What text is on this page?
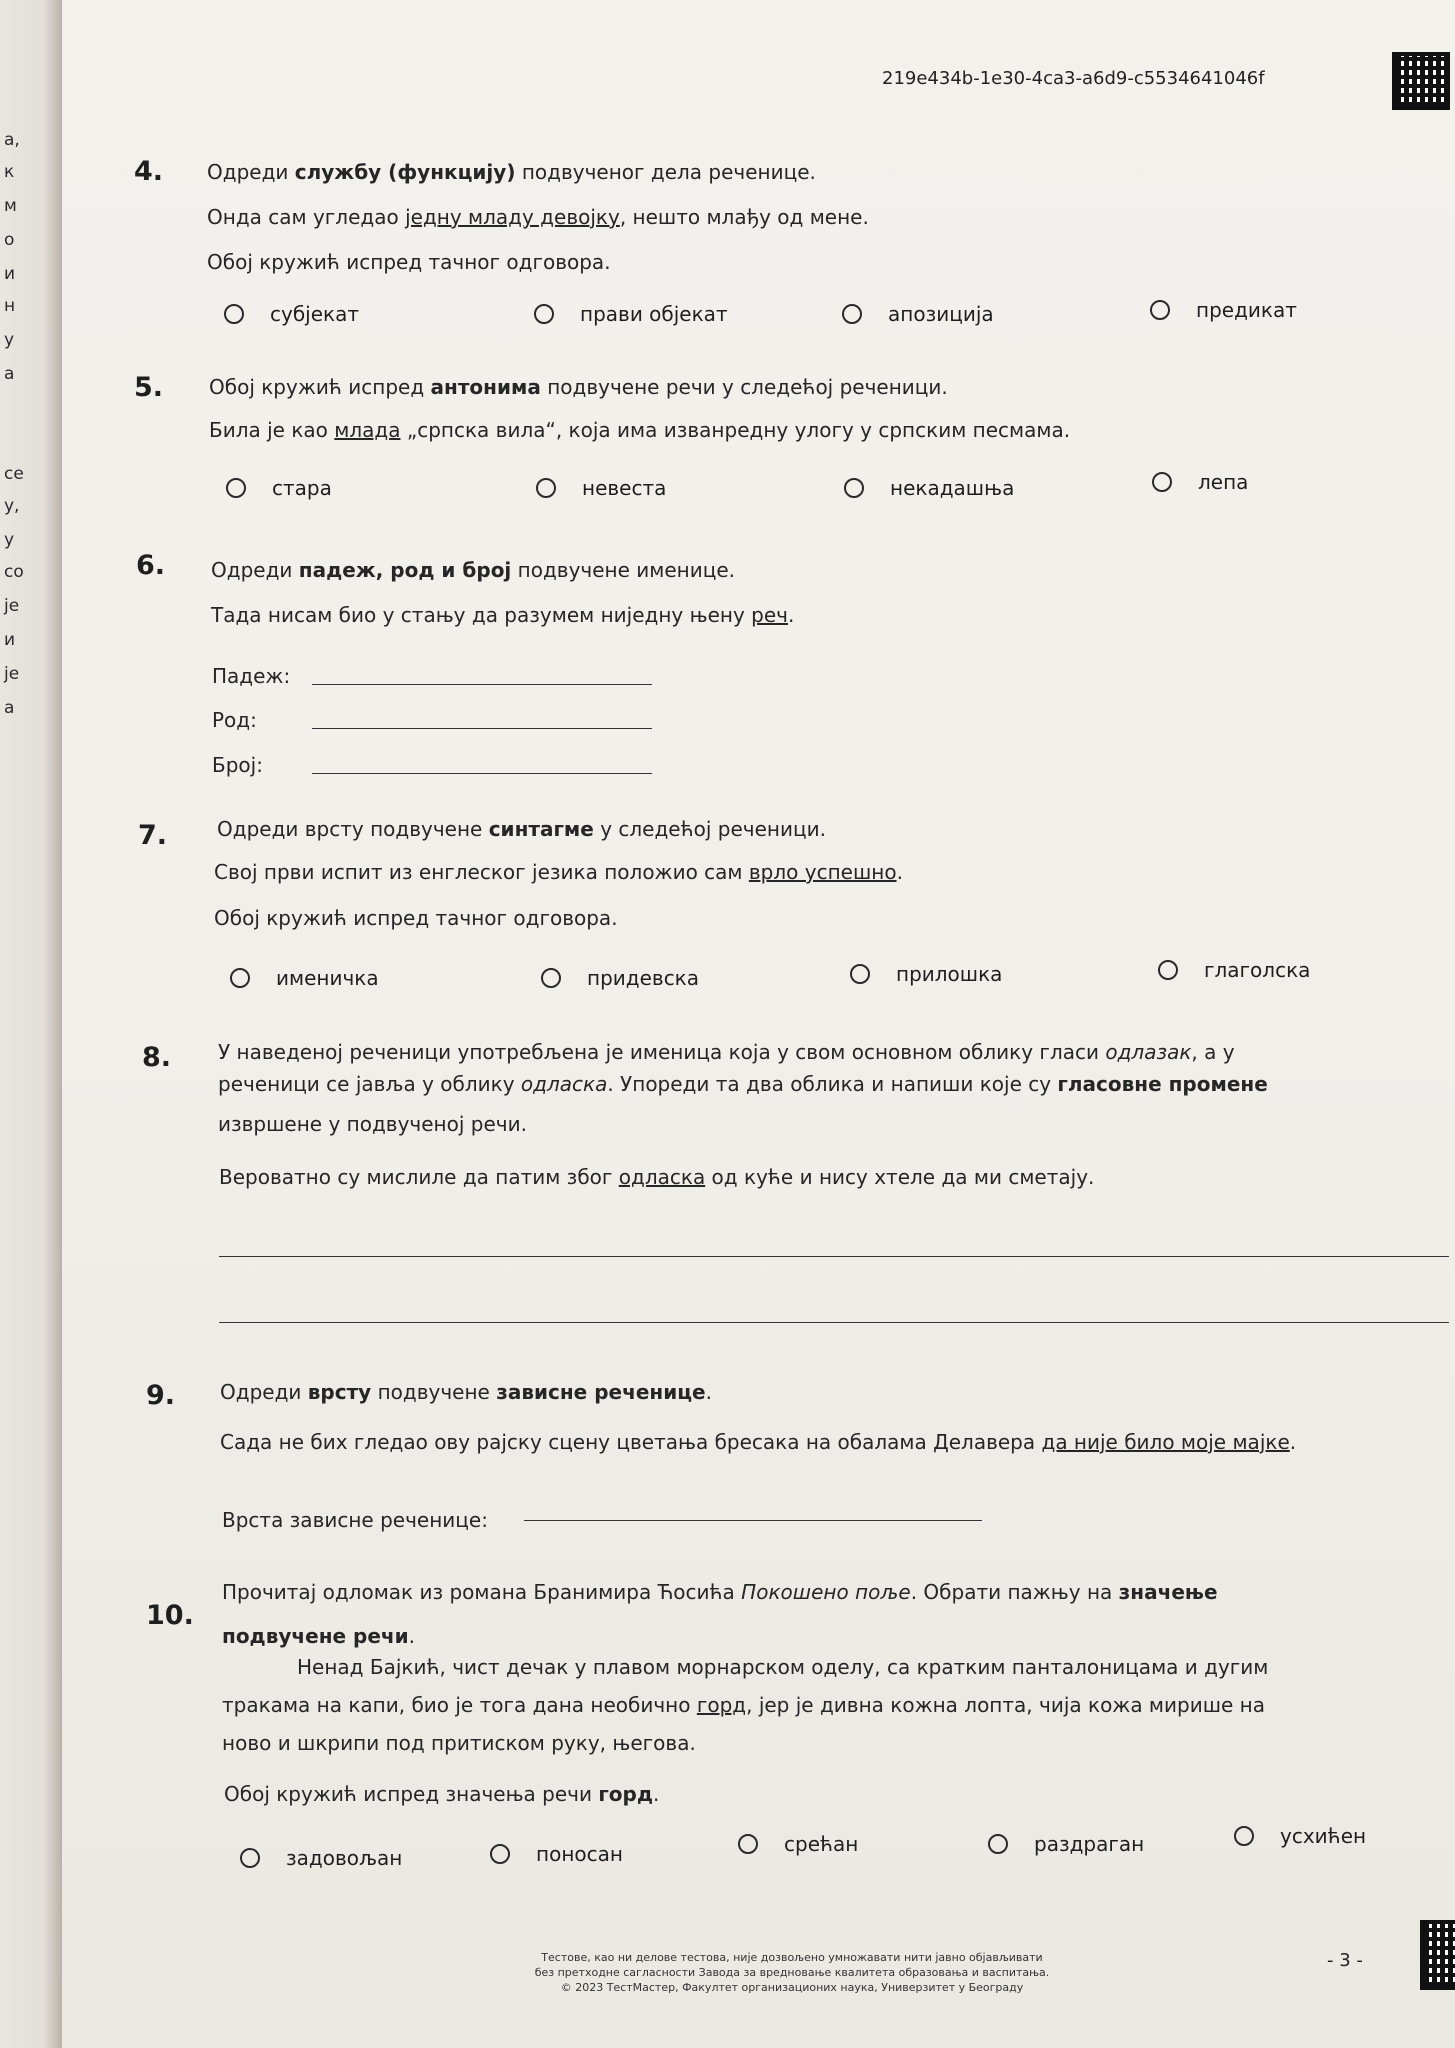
а,
к
м
о
и
н
у
а
се
у,
у
со
је
и
је
а
219e434b-1e30-4ca3-a6d9-c5534641046f
4. Одреди службу (функцију) подвученог дела реченице.
Онда сам угледао једну младу девојку, нешто млађу од мене.
Обој кружић испред тачног одговора.
субјекат	прави објекат	апозиција	предикат
5. Обој кружић испред антонима подвучене речи у следећој реченици.
Била је као млада „српска вила“, која има изванредну улогу у српским песмама.
стара	невеста	некадашња	лепа
6. Одреди падеж, род и број подвучене именице.
Тада нисам био у стању да разумем ниједну њену реч.
Падеж:
Род:
Број:
7. Одреди врсту подвучене синтагме у следећој реченици.
Свој први испит из енглеског језика положио сам врло успешно.
Обој кружић испред тачног одговора.
именичка	придевска	прилошка	глаголска
8. У наведеној реченици употребљена је именица која у свом основном облику гласи одлазак, а у
реченици се јавља у облику одласка. Упореди та два облика и напиши које су гласовне промене
извршене у подвученој речи.
Вероватно су мислиле да патим због одласка од куће и нису хтеле да ми сметају.
9. Одреди врсту подвучене зависне реченице.
Сада не бих гледао ову рајску сцену цветања бресака на обалама Делавера да није било моје мајке.
Врста зависне реченице:
10.
Прочитај одломак из романа Бранимира Ћосића Покошено поље. Обрати пажњу на значење
подвучене речи.
Ненад Бајкић, чист дечак у плавом морнарском оделу, са кратким панталоницама и дугим
тракама на капи, био је тога дана необично горд, јер је дивна кожна лопта, чија кожа мирише на
ново и шкрипи под притиском руку, његова.
Обој кружић испред значења речи горд.
задовољан	поносан	срећан	раздраган	усхићен
Тестове, као ни делове тестова, није дозвољено умножавати нити јавно објављивати
без претходне сагласности Завода за вредновање квалитета образовања и васпитања.
© 2023 ТестМастер, Факултет организационих наука, Универзитет у Београду
- 3 -
